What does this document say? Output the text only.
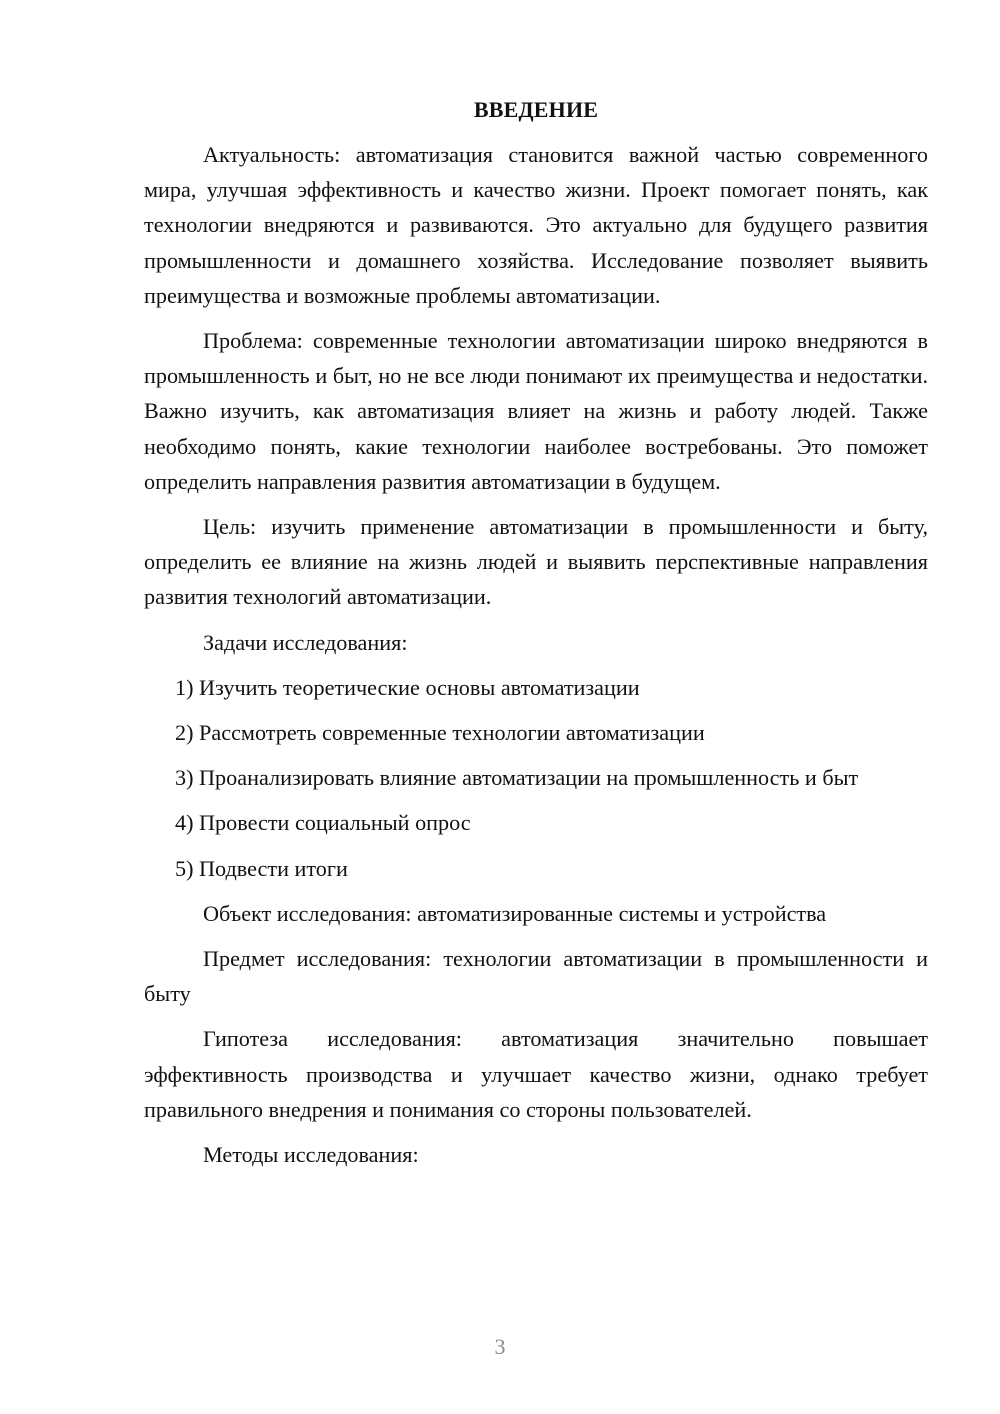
ВВЕДЕНИЕ

Актуальность: автоматизация становится важной частью современного мира, улучшая эффективность и качество жизни. Проект помогает понять, как технологии внедряются и развиваются. Это актуально для будущего развития промышленности и домашнего хозяйства. Исследование позволяет выявить преимущества и возможные проблемы автоматизации.

Проблема: современные технологии автоматизации широко внедряются в промышленность и быт, но не все люди понимают их преимущества и недостатки. Важно изучить, как автоматизация влияет на жизнь и работу людей. Также необходимо понять, какие технологии наиболее востребованы. Это поможет определить направления развития автоматизации в будущем.

Цель: изучить применение автоматизации в промышленности и быту, определить ее влияние на жизнь людей и выявить перспективные направления развития технологий автоматизации.

Задачи исследования:

1) Изучить теоретические основы автоматизации

2) Рассмотреть современные технологии автоматизации

3) Проанализировать влияние автоматизации на промышленность и быт

4) Провести социальный опрос

5) Подвести итоги

Объект исследования: автоматизированные системы и устройства

Предмет исследования: технологии автоматизации в промышленности и быту

Гипотеза исследования: автоматизация значительно повышает эффективность производства и улучшает качество жизни, однако требует правильного внедрения и понимания со стороны пользователей.

Методы исследования:

3
